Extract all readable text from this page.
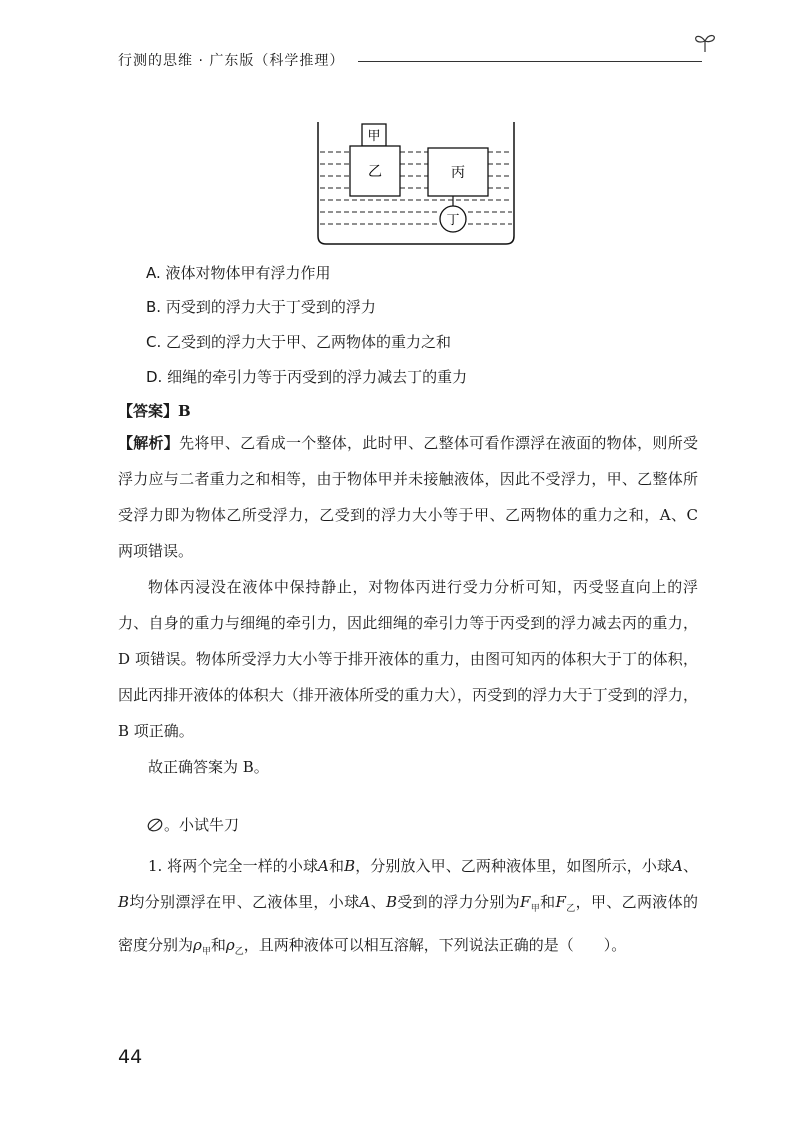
行测的思维 · 广东版（科学推理）
甲
乙	丙
丁
A. 液体对物体甲有浮力作用
B. 丙受到的浮力大于丁受到的浮力
C. 乙受到的浮力大于甲、乙两物体的重力之和
D. 细绳的牵引力等于丙受到的浮力减去丁的重力
【答案】B

【解析】先将甲、乙看成一个整体，此时甲、乙整体可看作漂浮在液面的物体，则所受浮力应与二者重力之和相等，由于物体甲并未接触液体，因此不受浮力，甲、乙整体所受浮力即为物体乙所受浮力，乙受到的浮力大小等于甲、乙两物体的重力之和，A、C 两项错误。

物体丙浸没在液体中保持静止，对物体丙进行受力分析可知，丙受竖直向上的浮力、自身的重力与细绳的牵引力，因此细绳的牵引力等于丙受到的浮力减去丙的重力，D 项错误。物体所受浮力大小等于排开液体的重力，由图可知丙的体积大于丁的体积，因此丙排开液体的体积大（排开液体所受的重力大），丙受到的浮力大于丁受到的浮力，B 项正确。

故正确答案为 B。

。小试牛刀

1. 将两个完全一样的小球A和B，分别放入甲、乙两种液体里，如图所示，小球A、B均分别漂浮在甲、乙液体里，小球A、B受到的浮力分别为$F_甲$和$F_乙$，甲、乙两液体的密度分别为$\rho_甲$和$\rho_乙$，且两种液体可以相互溶解，下列说法正确的是（　　）。

44
